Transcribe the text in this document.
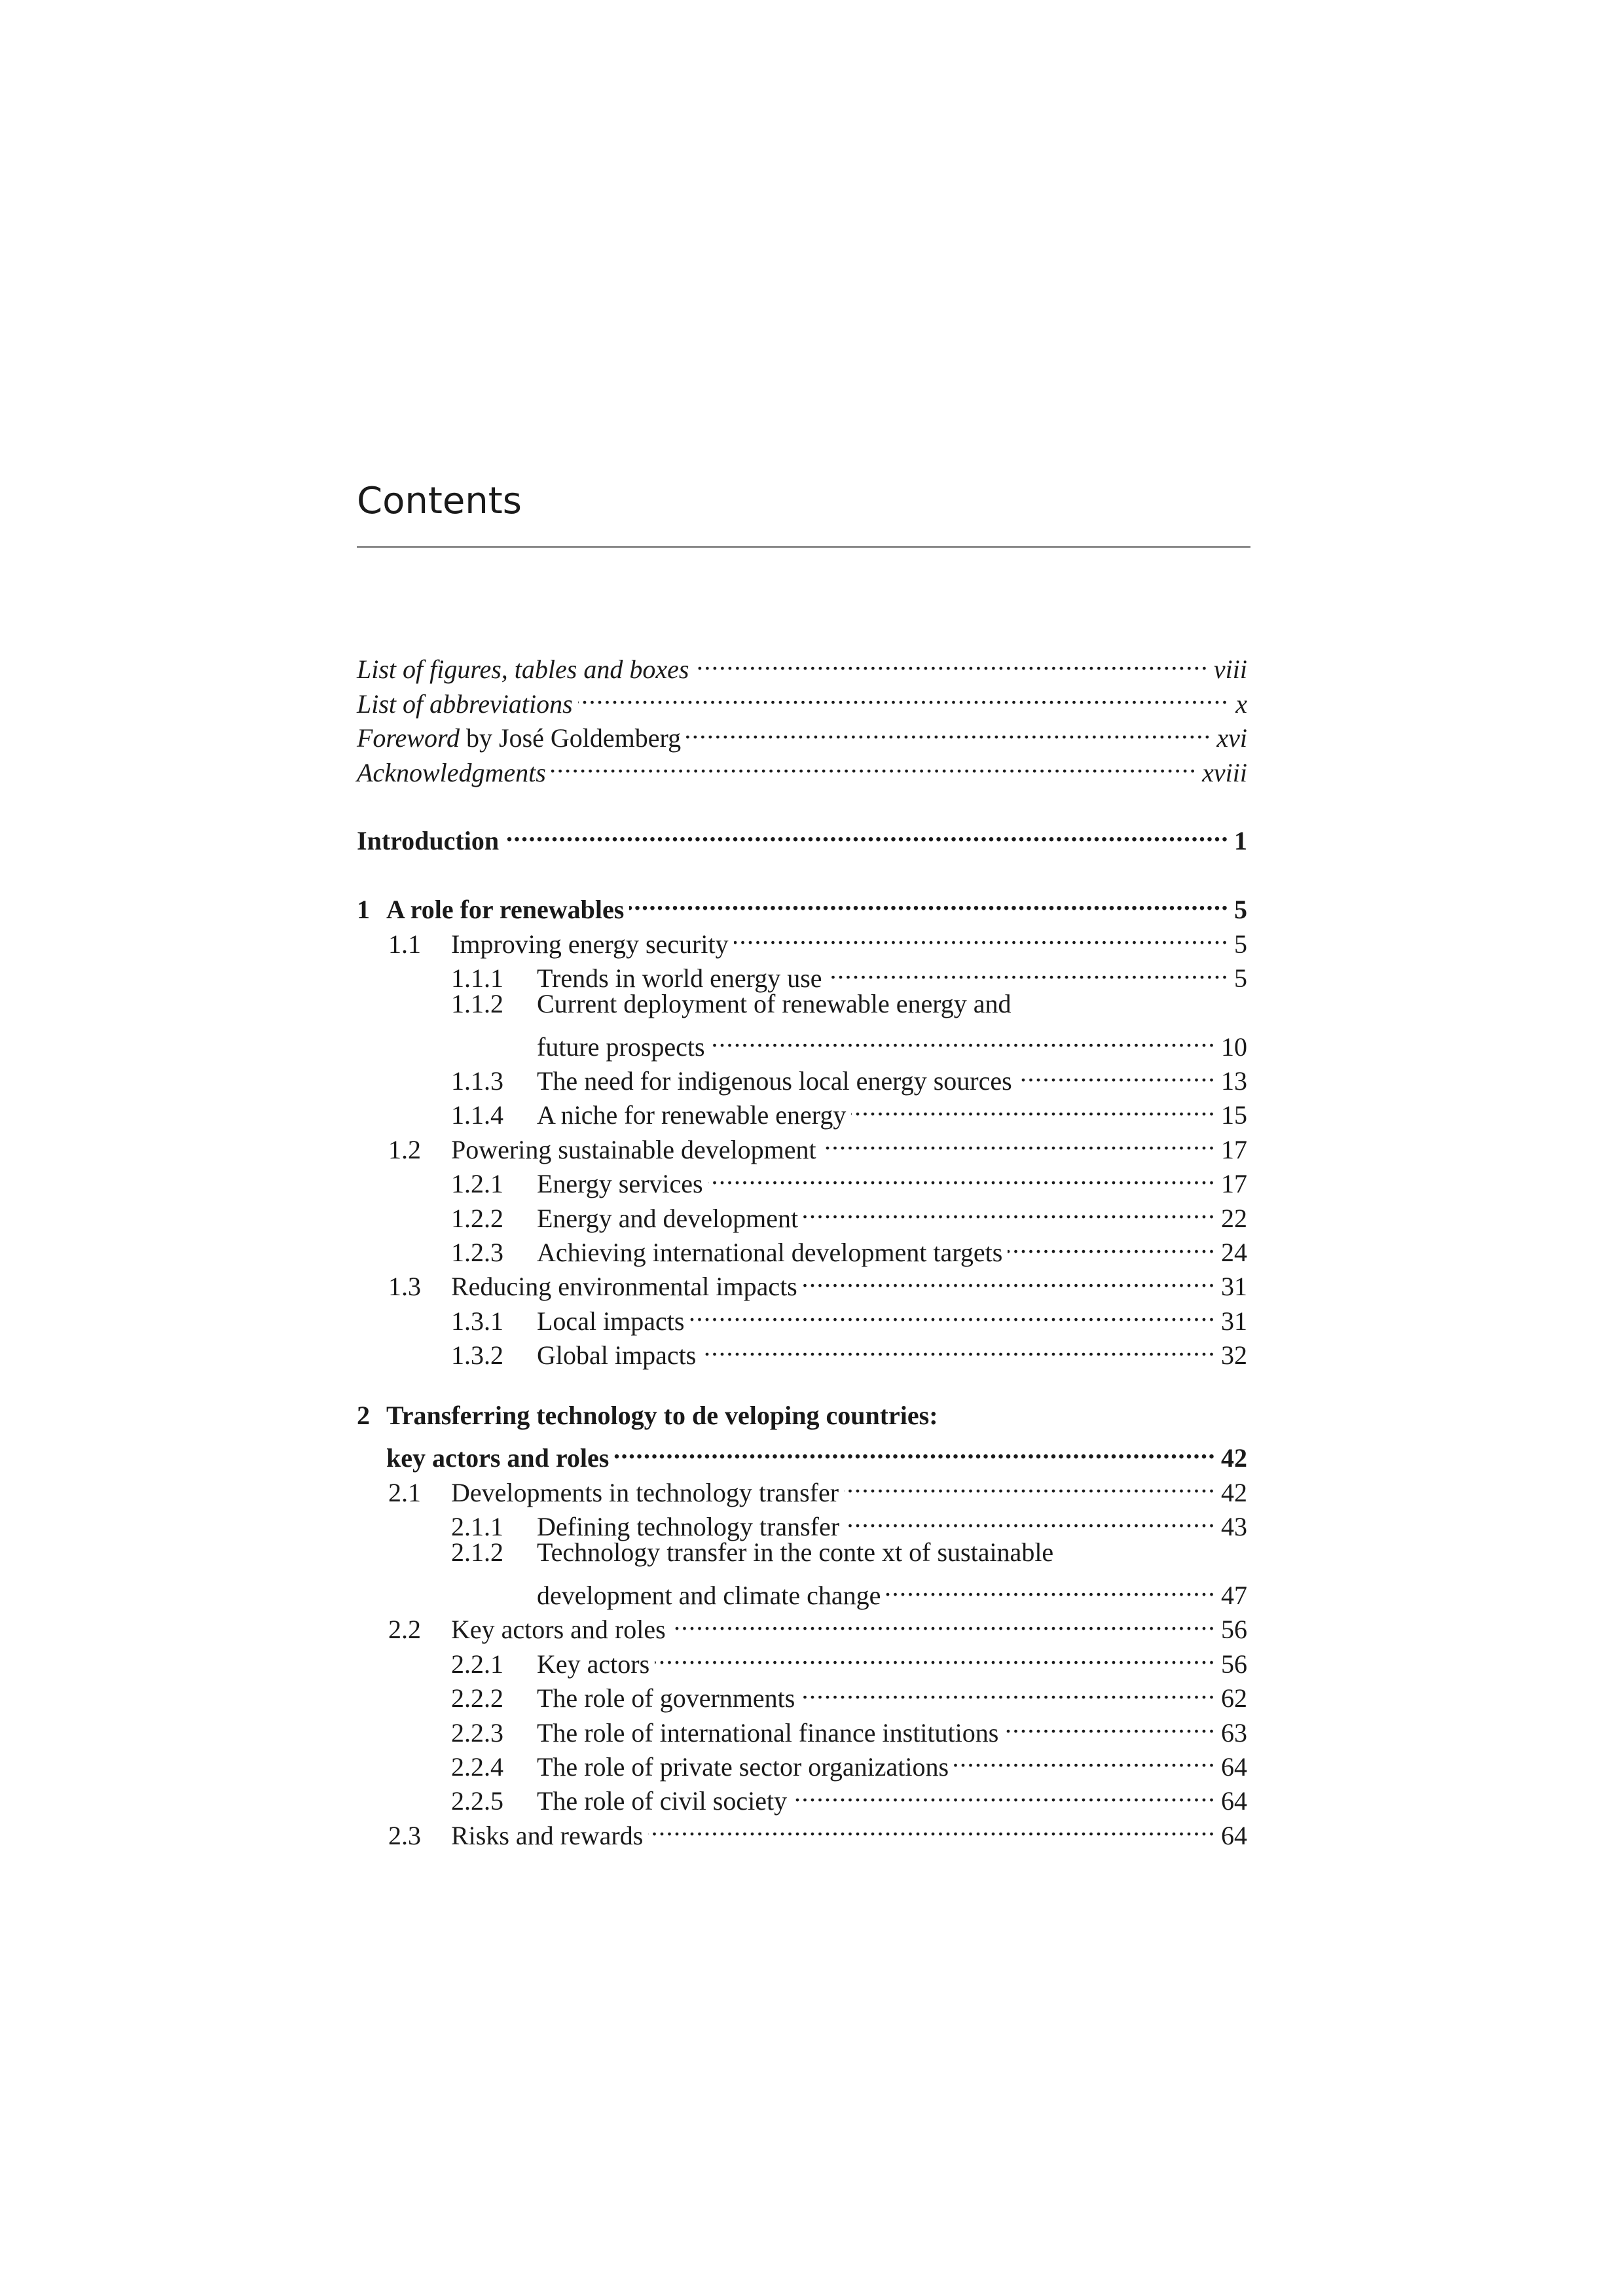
Contents
List of figures, tables and boxes .....	viii
List of abbreviations .....	x
Foreword by José Goldemberg .....	xvi
Acknowledgments .....	xviii
Introduction .....	1
1 A role for renewables .....	5
1.1	Improving energy security .....	5
1.1.1	Trends in world energy use .....	5
1.1.2	Current deployment of renewable energy and
future prospects .....	10
1.1.3	The need for indigenous local energy sources .....	13
1.1.4	A niche for renewable energy .....	15
1.2	Powering sustainable development .....	17
1.2.1	Energy services .....	17
1.2.2	Energy and development .....	22
1.2.3	Achieving international development targets .....	24
1.3	Reducing environmental impacts .....	31
1.3.1	Local impacts .....	31
1.3.2	Global impacts .....	32
2 Transferring technology to de veloping countries:
key actors and roles .....	42
2.1	Developments in technology transfer .....	42
2.1.1	Defining technology transfer .....	43
2.1.2	Technology transfer in the conte xt of sustainable
development and climate change .....	47
2.2	Key actors and roles .....	56
2.2.1	Key actors .....	56
2.2.2	The role of governments .....	62
2.2.3	The role of international finance institutions .....	63
2.2.4	The role of private sector organizations .....	64
2.2.5	The role of civil society .....	64
2.3	Risks and rewards .....	64
